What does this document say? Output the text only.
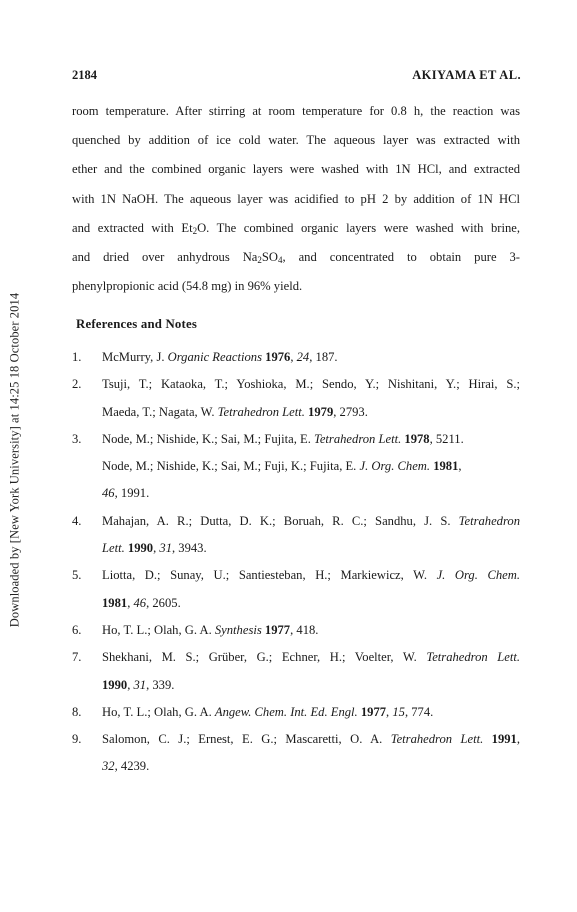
Downloaded by [New York University] at 14:25 18 October 2014
2184	AKIYAMA ET AL.
room temperature. After stirring at room temperature for 0.8 h, the reaction was
quenched by addition of ice cold water. The aqueous layer was extracted with
ether and the combined organic layers were washed with 1N HCl, and extracted
with 1N NaOH. The aqueous layer was acidified to pH 2 by addition of 1N HCl
and extracted with $Et_2O$. The combined organic layers were washed with brine,
and dried over anhydrous $Na_2SO_4$, and concentrated to obtain pure 3-
phenylpropionic acid (54.8 mg) in 96% yield.
References and Notes
1.	McMurry, J. Organic Reactions 1976, 24, 187.
2.	Tsuji, T.; Kataoka, T.; Yoshioka, M.; Sendo, Y.; Nishitani, Y.; Hirai, S.;
Maeda, T.; Nagata, W. Tetrahedron Lett. 1979, 2793.
3.	Node, M.; Nishide, K.; Sai, M.; Fujita, E. Tetrahedron Lett. 1978, 5211.
Node, M.; Nishide, K.; Sai, M.; Fuji, K.; Fujita, E. J. Org. Chem. 1981,
46, 1991.
4.	Mahajan, A. R.; Dutta, D. K.; Boruah, R. C.; Sandhu, J. S. Tetrahedron
Lett. 1990, 31, 3943.
5.	Liotta, D.; Sunay, U.; Santiesteban, H.; Markiewicz, W. J. Org. Chem.
1981, 46, 2605.
6.	Ho, T. L.; Olah, G. A. Synthesis 1977, 418.
7.	Shekhani, M. S.; Grüber, G.; Echner, H.; Voelter, W. Tetrahedron Lett.
1990, 31, 339.
8.	Ho, T. L.; Olah, G. A. Angew. Chem. Int. Ed. Engl. 1977, 15, 774.
9.	Salomon, C. J.; Ernest, E. G.; Mascaretti, O. A. Tetrahedron Lett. 1991,
32, 4239.
